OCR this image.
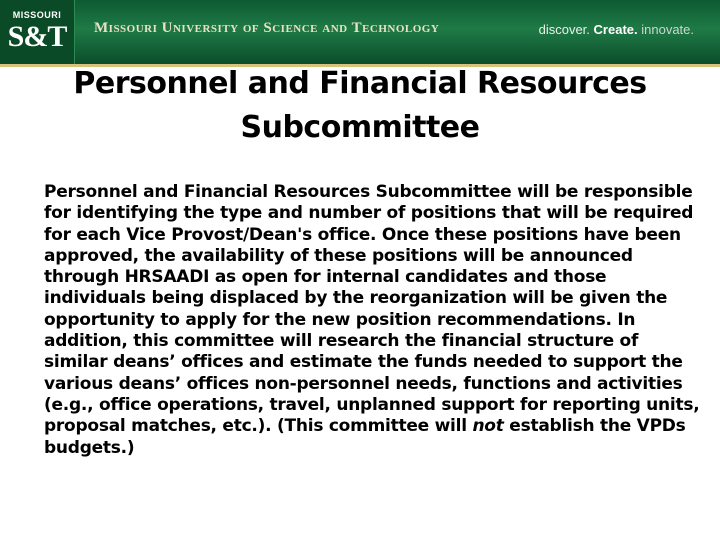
MISSOURI
S&T	Missouri University of Science and Technology	discover. Create. innovate.
Personnel and Financial Resources Subcommittee
Personnel and Financial Resources Subcommittee will be responsible for identifying the type and number of positions that will be required for each Vice Provost/Dean's office. Once these positions have been approved, the availability of these positions will be announced through HRSAADI as open for internal candidates and those individuals being displaced by the reorganization will be given the opportunity to apply for the new position recommendations. In addition, this committee will research the financial structure of similar deans’ offices and estimate the funds needed to support the various deans’ offices non-personnel needs, functions and activities (e.g., office operations, travel, unplanned support for reporting units, proposal matches, etc.). (This committee will not establish the VPDs budgets.)
